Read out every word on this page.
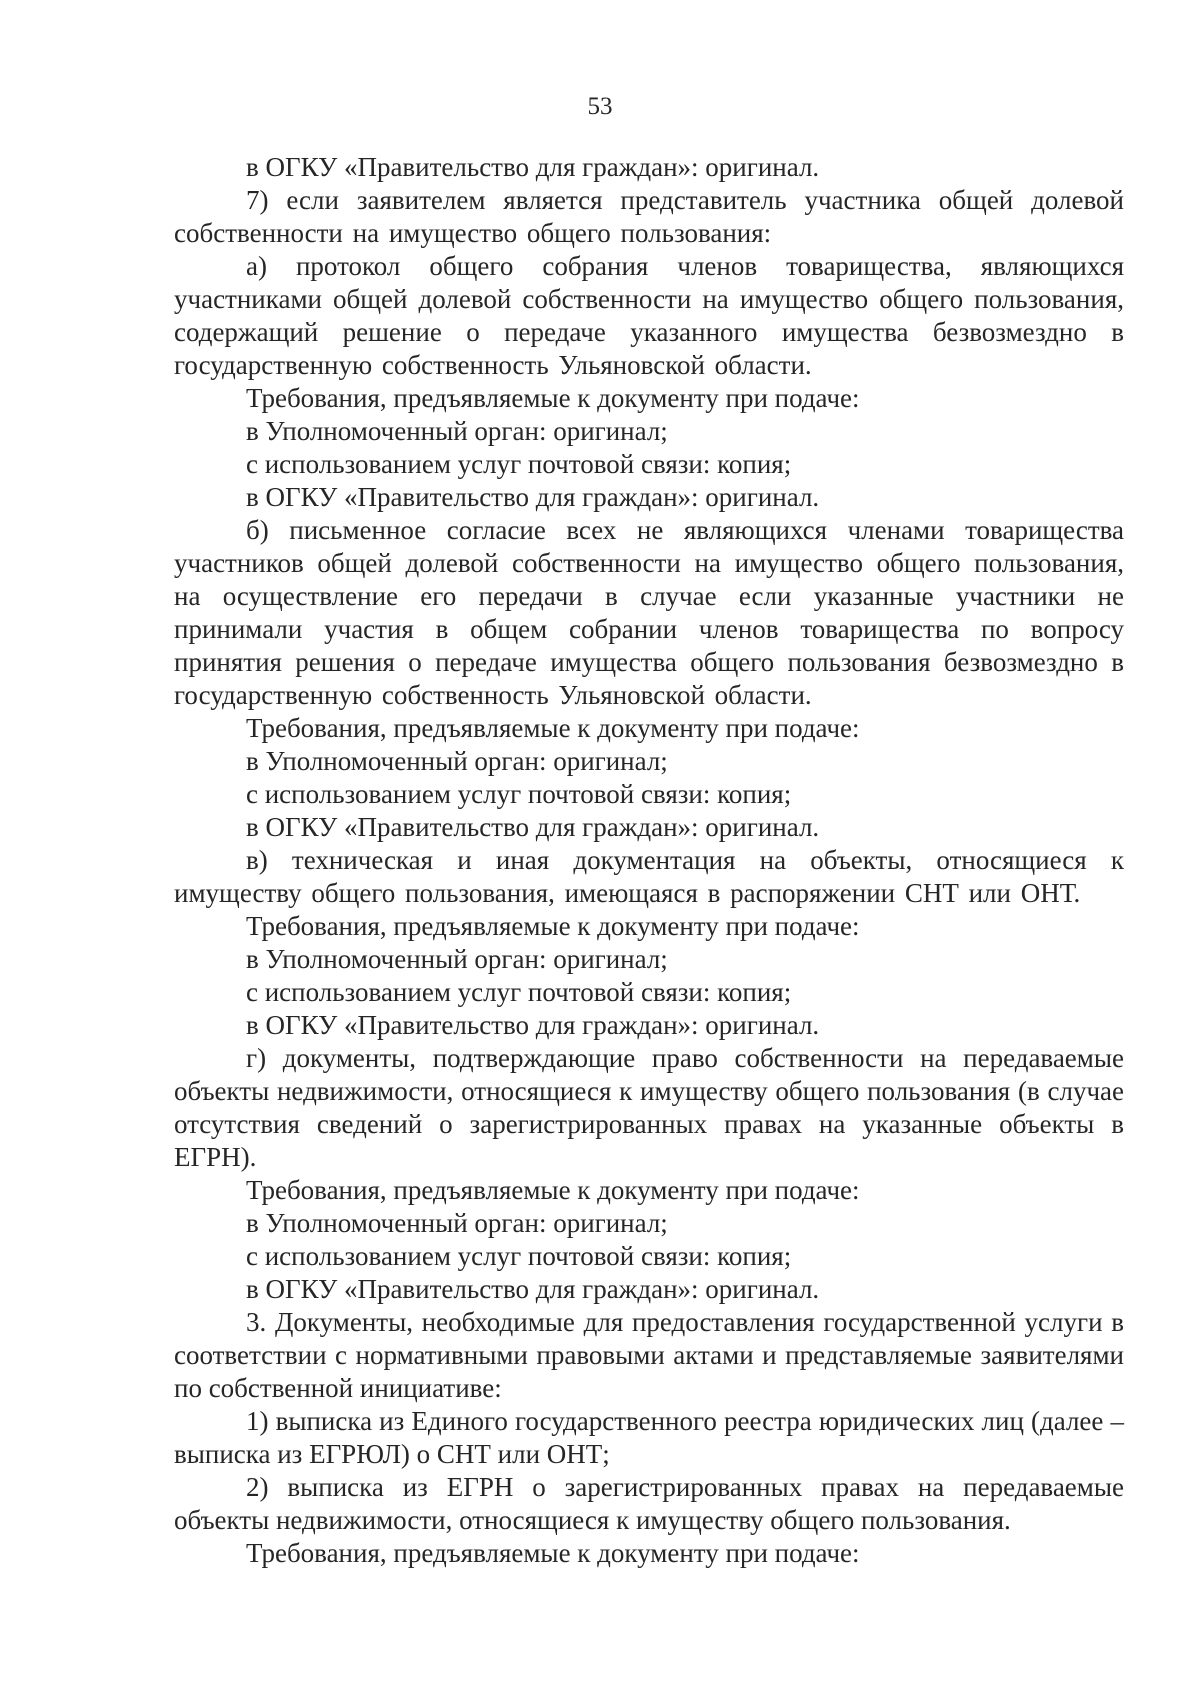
53

в ОГКУ «Правительство для граждан»: оригинал.

7) если заявителем является представитель участника общей долевой собственности на имущество общего пользования:

а) протокол общего собрания членов товарищества, являющихся участниками общей долевой собственности на имущество общего пользования, содержащий решение о передаче указанного имущества безвозмездно в государственную собственность Ульяновской области.

Требования, предъявляемые к документу при подаче:

в Уполномоченный орган: оригинал;

с использованием услуг почтовой связи: копия;

в ОГКУ «Правительство для граждан»: оригинал.

б) письменное согласие всех не являющихся членами товарищества участников общей долевой собственности на имущество общего пользования, на осуществление его передачи в случае если указанные участники не принимали участия в общем собрании членов товарищества по вопросу принятия решения о передаче имущества общего пользования безвозмездно в государственную собственность Ульяновской области.

Требования, предъявляемые к документу при подаче:

в Уполномоченный орган: оригинал;

с использованием услуг почтовой связи: копия;

в ОГКУ «Правительство для граждан»: оригинал.

в) техническая и иная документация на объекты, относящиеся к имуществу общего пользования, имеющаяся в распоряжении СНТ или ОНТ.

Требования, предъявляемые к документу при подаче:

в Уполномоченный орган: оригинал;

с использованием услуг почтовой связи: копия;

в ОГКУ «Правительство для граждан»: оригинал.

г) документы, подтверждающие право собственности на передаваемые объекты недвижимости, относящиеся к имуществу общего пользования (в случае отсутствия сведений о зарегистрированных правах на указанные объекты в ЕГРН).

Требования, предъявляемые к документу при подаче:

в Уполномоченный орган: оригинал;

с использованием услуг почтовой связи: копия;

в ОГКУ «Правительство для граждан»: оригинал.

3. Документы, необходимые для предоставления государственной услуги в соответствии с нормативными правовыми актами и представляемые заявителями по собственной инициативе:

1) выписка из Единого государственного реестра юридических лиц (далее – выписка из ЕГРЮЛ) о СНТ или ОНТ;

2) выписка из ЕГРН о зарегистрированных правах на передаваемые объекты недвижимости, относящиеся к имуществу общего пользования.

Требования, предъявляемые к документу при подаче:
